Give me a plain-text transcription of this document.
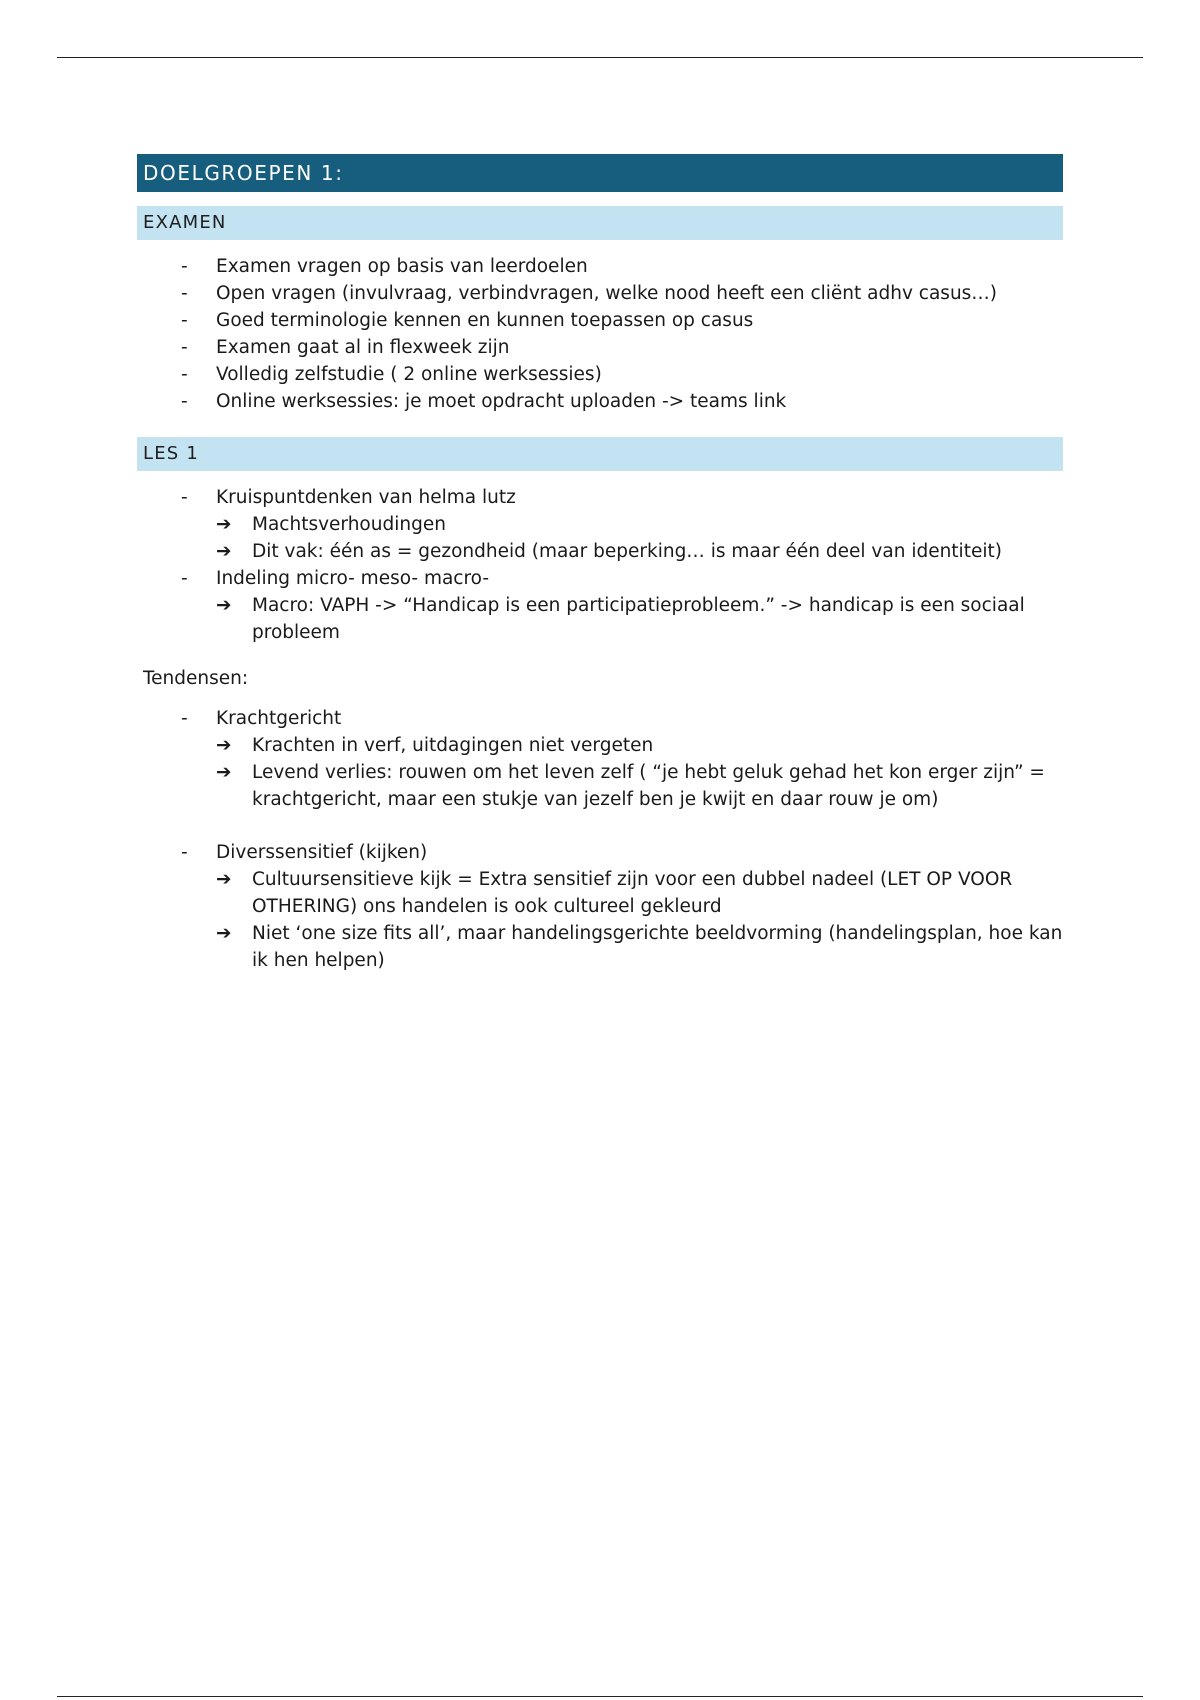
DOELGROEPEN 1:
EXAMEN
- Examen vragen op basis van leerdoelen
- Open vragen (invulvraag, verbindvragen, welke nood heeft een cliënt adhv casus…)
- Goed terminologie kennen en kunnen toepassen op casus
- Examen gaat al in flexweek zijn
- Volledig zelfstudie ( 2 online werksessies)
- Online werksessies: je moet opdracht uploaden -> teams link
LES 1
- Kruispuntdenken van helma lutz
➔ Machtsverhoudingen
➔ Dit vak: één as = gezondheid (maar beperking… is maar één deel van identiteit)
- Indeling micro- meso- macro-
➔ Macro: VAPH -> “Handicap is een participatieprobleem.” -> handicap is een sociaal probleem
Tendensen:
- Krachtgericht
➔ Krachten in verf, uitdagingen niet vergeten
➔ Levend verlies: rouwen om het leven zelf ( “je hebt geluk gehad het kon erger zijn” = krachtgericht, maar een stukje van jezelf ben je kwijt en daar rouw je om)
- Diverssensitief (kijken)
➔ Cultuursensitieve kijk = Extra sensitief zijn voor een dubbel nadeel (LET OP VOOR OTHERING) ons handelen is ook cultureel gekleurd
➔ Niet ‘one size fits all’, maar handelingsgerichte beeldvorming (handelingsplan, hoe kan ik hen helpen)
